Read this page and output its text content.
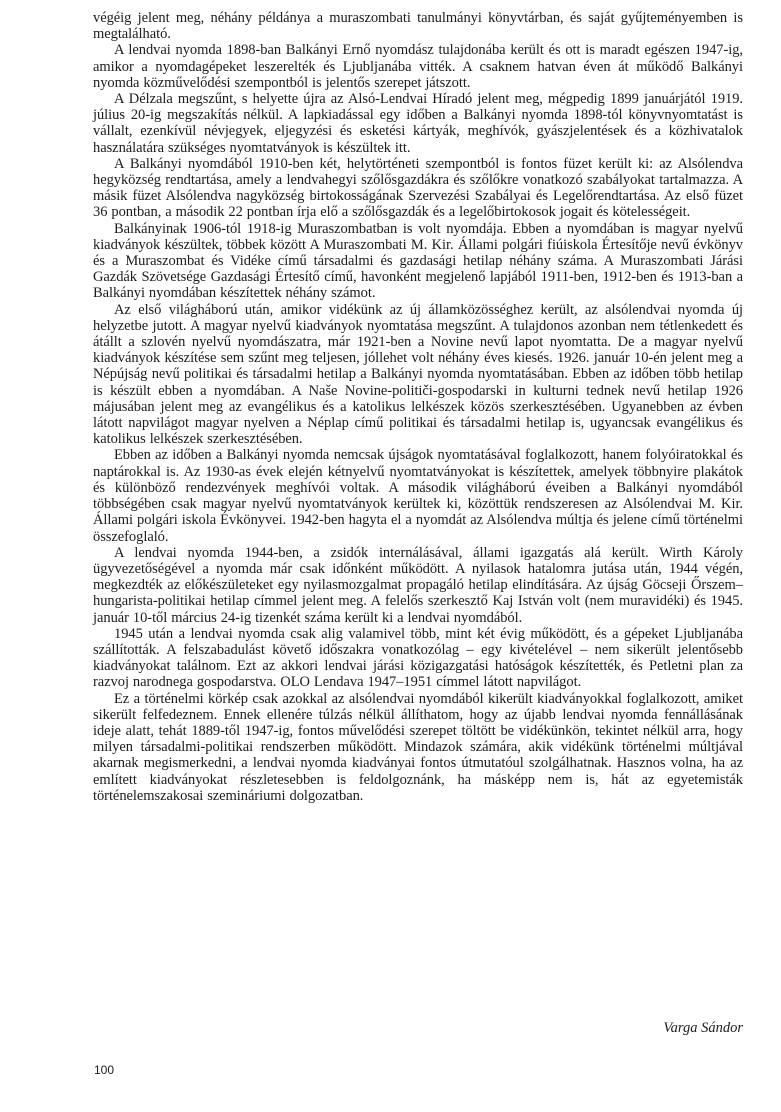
végéig jelent meg, néhány példánya a muraszombati tanulmányi könyvtárban, és saját gyűjteményemben is megtalálható.

A lendvai nyomda 1898-ban Balkányi Ernő nyomdász tulajdonába került és ott is maradt egészen 1947-ig, amikor a nyomdagépeket leszerelték és Ljubljanába vitték. A csaknem hatvan éven át működő Balkányi nyomda közművelődési szempontból is jelentős szerepet játszott.

A Délzala megszűnt, s helyette újra az Alsó-Lendvai Híradó jelent meg, mégpedig 1899 januárjától 1919. július 20-ig megszakítás nélkül. A lapkiadással egy időben a Balkányi nyomda 1898-tól könyvnyomtatást is vállalt, ezenkívül névjegyek, eljegyzési és esketési kártyák, meghívók, gyászjelentések és a közhivatalok használatára szükséges nyomtatványok is készültek itt.

A Balkányi nyomdából 1910-ben két, helytörténeti szempontból is fontos füzet került ki: az Alsólendva hegyközség rendtartása, amely a lendvahegyi szőlősgazdákra és szőlőkre vonatkozó szabályokat tartalmazza. A másik füzet Alsólendva nagyközség birtokosságának Szervezési Szabályai és Legelőrendtartása. Az első füzet 36 pontban, a második 22 pontban írja elő a szőlősgazdák és a legelőbirtokosok jogait és kötelességeit.

Balkányinak 1906-tól 1918-ig Muraszombatban is volt nyomdája. Ebben a nyomdában is magyar nyelvű kiadványok készültek, többek között A Muraszombati M. Kir. Állami polgári fiúiskola Értesítője nevű évkönyv és a Muraszombat és Vidéke című társadalmi és gazdasági hetilap néhány száma. A Muraszombati Járási Gazdák Szövetsége Gazdasági Értesítő című, havonként megjelenő lapjából 1911-ben, 1912-ben és 1913-ban a Balkányi nyomdában készítettek néhány számot.

Az első világháború után, amikor vidékünk az új államközösséghez került, az alsólendvai nyomda új helyzetbe jutott. A magyar nyelvű kiadványok nyomtatása megszűnt. A tulajdonos azonban nem tétlenkedett és átállt a szlovén nyelvű nyomdászatra, már 1921-ben a Novine nevű lapot nyomtatta. De a magyar nyelvű kiadványok készítése sem szűnt meg teljesen, jóllehet volt néhány éves kiesés. 1926. január 10-én jelent meg a Népújság nevű politikai és társadalmi hetilap a Balkányi nyomda nyomtatásában. Ebben az időben több hetilap is készült ebben a nyomdában. A Naše Novine-političi-gospodarski in kulturni tednek nevű hetilap 1926 májusában jelent meg az evangélikus és a katolikus lelkészek közös szerkesztésében. Ugyanebben az évben látott napvilágot magyar nyelven a Néplap című politikai és társadalmi hetilap is, ugyancsak evangélikus és katolikus lelkészek szerkesztésében.

Ebben az időben a Balkányi nyomda nemcsak újságok nyomtatásával foglalkozott, hanem folyóiratokkal és naptárokkal is. Az 1930-as évek elején kétnyelvű nyomtatványokat is készítettek, amelyek többnyire plakátok és különböző rendezvények meghívói voltak. A második világháború éveiben a Balkányi nyomdából többségében csak magyar nyelvű nyomtatványok kerültek ki, közöttük rendszeresen az Alsólendvai M. Kir. Állami polgári iskola Évkönyvei. 1942-ben hagyta el a nyomdát az Alsólendva múltja és jelene című történelmi összefoglaló.

A lendvai nyomda 1944-ben, a zsidók internálásával, állami igazgatás alá került. Wirth Károly ügyvezetőségével a nyomda már csak időnként működött. A nyilasok hatalomra jutása után, 1944 végén, megkezdték az előkészületeket egy nyilasmozgalmat propagáló hetilap elindítására. Az újság Göcseji Őrszem–hungarista-politikai hetilap címmel jelent meg. A felelős szerkesztő Kaj István volt (nem muravidéki) és 1945. január 10-től március 24-ig tizenkét száma került ki a lendvai nyomdából.

1945 után a lendvai nyomda csak alig valamivel több, mint két évig működött, és a gépeket Ljubljanába szállították. A felszabadulást követő időszakra vonatkozólag – egy kivételével – nem sikerült jelentősebb kiadványokat találnom. Ezt az akkori lendvai járási közigazgatási hatóságok készítették, és Petletni plan za razvoj narodnega gospodarstva. OLO Lendava 1947–1951 címmel látott napvilágot.

Ez a történelmi körkép csak azokkal az alsólendvai nyomdából kikerült kiadványokkal foglalkozott, amiket sikerült felfedeznem. Ennek ellenére túlzás nélkül állíthatom, hogy az újabb lendvai nyomda fennállásának ideje alatt, tehát 1889-től 1947-ig, fontos művelődési szerepet töltött be vidékünkön, tekintet nélkül arra, hogy milyen társadalmi-politikai rendszerben működött. Mindazok számára, akik vidékünk történelmi múltjával akarnak megismerkedni, a lendvai nyomda kiadványai fontos útmutatóul szolgálhatnak. Hasznos volna, ha az említett kiadványokat részletesebben is feldolgoznánk, ha másképp nem is, hát az egyetemisták történelemszakosai szemináriumi dolgozatban.

Varga Sándor
100
